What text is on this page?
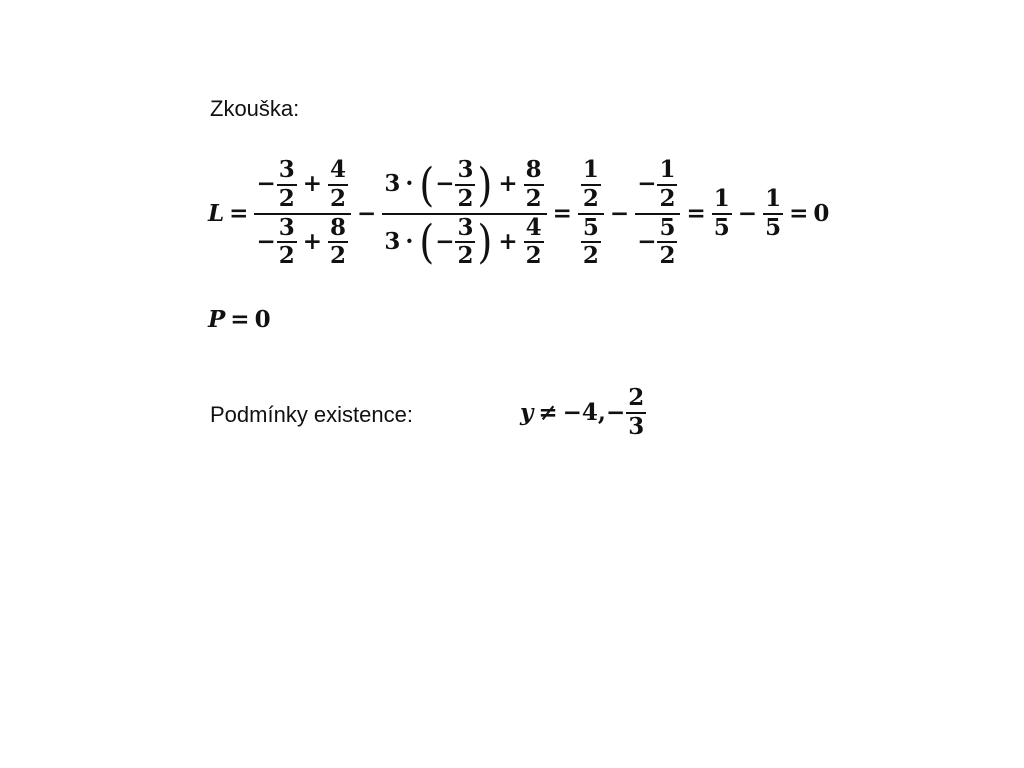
Zkouška:
$L = \frac{- \frac{3}{2} + \frac{4}{2}}{- \frac{3}{2} + \frac{8}{2}} - \frac{3 \cdot ( - \frac{3}{2} ) + \frac{8}{2}}{3 \cdot ( - \frac{3}{2} ) + \frac{4}{2}} = \frac{\frac{1}{2}}{\frac{5}{2}} - \frac{- \frac{1}{2}}{- \frac{5}{2}} = \frac{1}{5} - \frac{1}{5} = 0$
P = 0
Podmínky existence:	y ≠ −4, − $\frac{2}{3}$
